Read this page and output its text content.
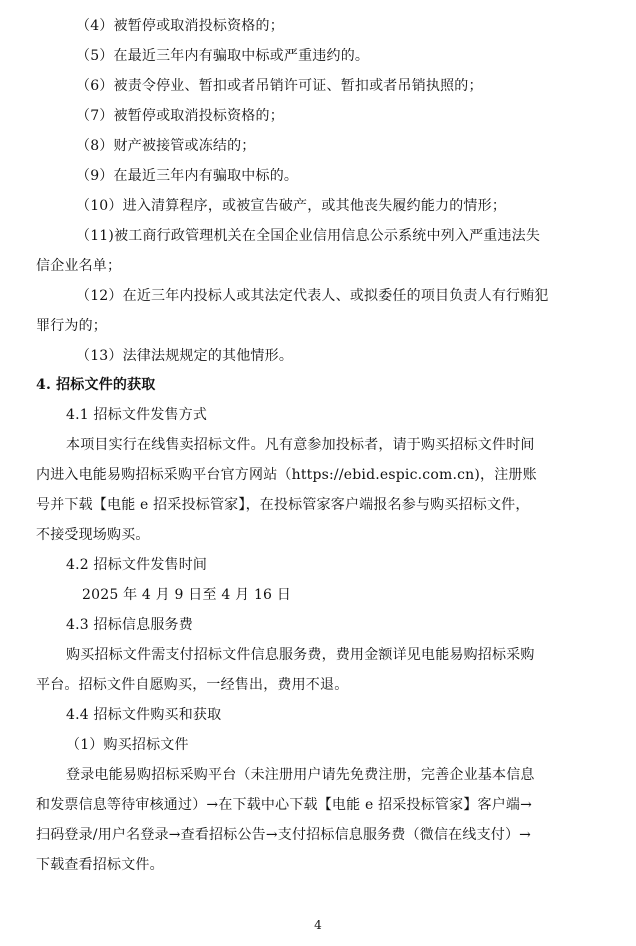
（4）被暂停或取消投标资格的；
（5）在最近三年内有骗取中标或严重违约的。
（6）被责令停业、暂扣或者吊销许可证、暂扣或者吊销执照的；
（7）被暂停或取消投标资格的；
（8）财产被接管或冻结的；
（9）在最近三年内有骗取中标的。
（10）进入清算程序，或被宣告破产，或其他丧失履约能力的情形；
（11)被工商行政管理机关在全国企业信用信息公示系统中列入严重违法失
信企业名单；
（12）在近三年内投标人或其法定代表人、或拟委任的项目负责人有行贿犯
罪行为的；
（13）法律法规规定的其他情形。
4. 招标文件的获取
4.1 招标文件发售方式
本项目实行在线售卖招标文件。凡有意参加投标者，请于购买招标文件时间
内进入电能易购招标采购平台官方网站（https://ebid.espic.com.cn)，注册账
号并下载【电能 e 招采投标管家】，在投标管家客户端报名参与购买招标文件，
不接受现场购买。
4.2 招标文件发售时间
2025 年 4 月 9 日至 4 月 16 日
4.3 招标信息服务费
购买招标文件需支付招标文件信息服务费，费用金额详见电能易购招标采购
平台。招标文件自愿购买，一经售出，费用不退。
4.4 招标文件购买和获取
（1）购买招标文件
登录电能易购招标采购平台（未注册用户请先免费注册，完善企业基本信息
和发票信息等待审核通过）→在下载中心下载【电能 e 招采投标管家】客户端→
扫码登录/用户名登录→查看招标公告→支付招标信息服务费（微信在线支付）→
下载查看招标文件。
4
